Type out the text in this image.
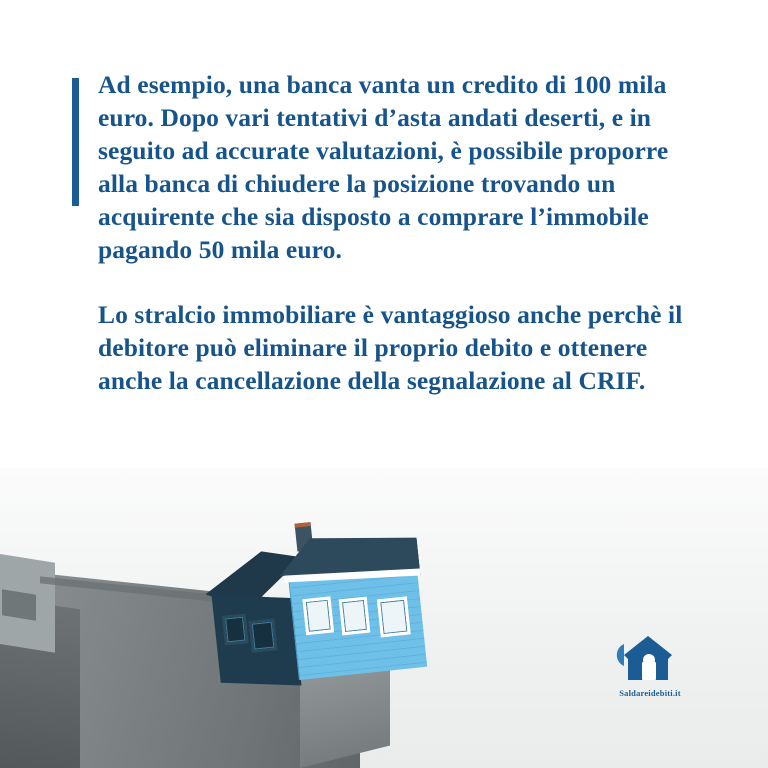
Ad esempio, una banca vanta un credito di 100 mila euro. Dopo vari tentativi d’asta andati deserti, e in seguito ad accurate valutazioni, è possibile proporre alla banca di chiudere la posizione trovando un acquirente che sia disposto a comprare l’immobile pagando 50 mila euro.

Lo stralcio immobiliare è vantaggioso anche perchè il debitore può eliminare il proprio debito e ottenere anche la cancellazione della segnalazione al CRIF.

Saldareidebiti.it
